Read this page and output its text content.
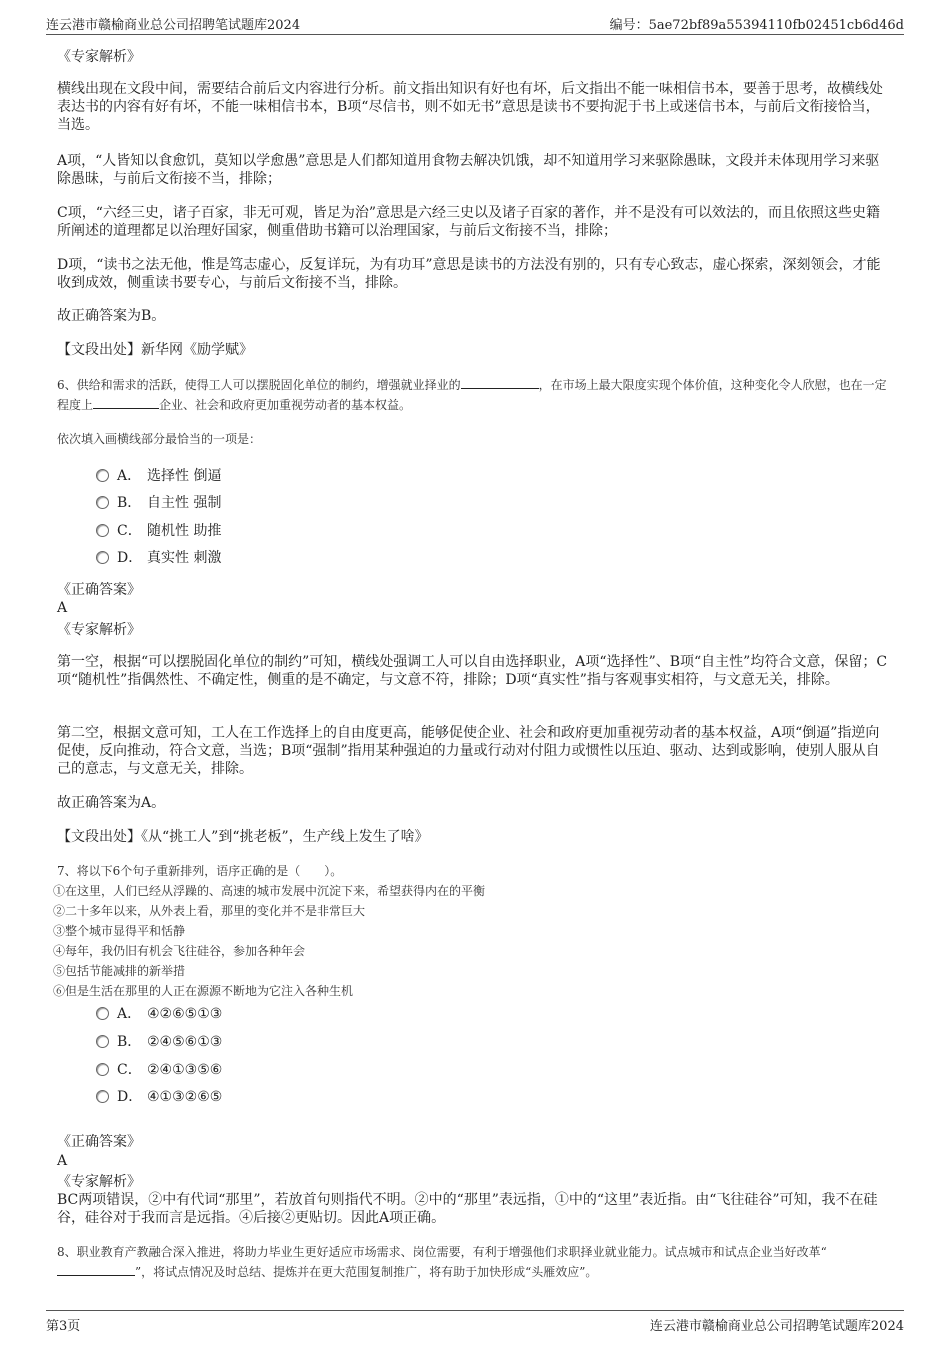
连云港市赣榆商业总公司招聘笔试题库2024	编号：5ae72bf89a55394110fb02451cb6d46d
《专家解析》
横线出现在文段中间，需要结合前后文内容进行分析。前文指出知识有好也有坏，后文指出不能一味相信书本，要善于思考，故横线处表达书的内容有好有坏，不能一味相信书本，B项“尽信书，则不如无书”意思是读书不要拘泥于书上或迷信书本，与前后文衔接恰当，当选。
A项，“人皆知以食愈饥，莫知以学愈愚”意思是人们都知道用食物去解决饥饿，却不知道用学习来驱除愚昧，文段并未体现用学习来驱除愚昧，与前后文衔接不当，排除；
C项，“六经三史，诸子百家，非无可观，皆足为治”意思是六经三史以及诸子百家的著作，并不是没有可以效法的，而且依照这些史籍所阐述的道理都足以治理好国家，侧重借助书籍可以治理国家，与前后文衔接不当，排除；
D项，“读书之法无他，惟是笃志虚心，反复详玩，为有功耳”意思是读书的方法没有别的，只有专心致志，虚心探索，深刻领会，才能收到成效，侧重读书要专心，与前后文衔接不当，排除。
故正确答案为B。
【文段出处】新华网《励学赋》
6、供给和需求的活跃，使得工人可以摆脱固化单位的制约，增强就业择业的	，在市场上最大限度实现个体价值，这种变化令人欣慰，也在一定程度上	企业、社会和政府更加重视劳动者的基本权益。
依次填入画横线部分最恰当的一项是：
A． 选择性 倒逼
B． 自主性 强制
C． 随机性 助推
D． 真实性 刺激
《正确答案》
A
《专家解析》
第一空，根据“可以摆脱固化单位的制约”可知，横线处强调工人可以自由选择职业，A项“选择性”、B项“自主性”均符合文意，保留；C项“随机性”指偶然性、不确定性，侧重的是不确定，与文意不符，排除；D项“真实性”指与客观事实相符，与文意无关，排除。
第二空，根据文意可知，工人在工作选择上的自由度更高，能够促使企业、社会和政府更加重视劳动者的基本权益，A项“倒逼”指逆向促使，反向推动，符合文意，当选；B项“强制”指用某种强迫的力量或行动对付阻力或惯性以压迫、驱动、达到或影响，使别人服从自己的意志，与文意无关，排除。
故正确答案为A。
【文段出处】《从“挑工人”到“挑老板”，生产线上发生了啥》
7、将以下6个句子重新排列，语序正确的是（　　）。
①在这里，人们已经从浮躁的、高速的城市发展中沉淀下来，希望获得内在的平衡
②二十多年以来，从外表上看，那里的变化并不是非常巨大
③整个城市显得平和恬静
④每年，我仍旧有机会飞往硅谷，参加各种年会
⑤包括节能减排的新举措
⑥但是生活在那里的人正在源源不断地为它注入各种生机
A． ④②⑥⑤①③
B． ②④⑤⑥①③
C． ②④①③⑤⑥
D． ④①③②⑥⑤
《正确答案》
A
《专家解析》
BC两项错误，②中有代词“那里”，若放首句则指代不明。②中的“那里”表远指，①中的“这里”表近指。由“飞往硅谷”可知，我不在硅谷，硅谷对于我而言是远指。④后接②更贴切。因此A项正确。
8、职业教育产教融合深入推进，将助力毕业生更好适应市场需求、岗位需要，有利于增强他们求职择业就业能力。试点城市和试点企业当好改革“”，将试点情况及时总结、提炼并在更大范围复制推广，将有助于加快形成“头雁效应”。
第3页	连云港市赣榆商业总公司招聘笔试题库2024
